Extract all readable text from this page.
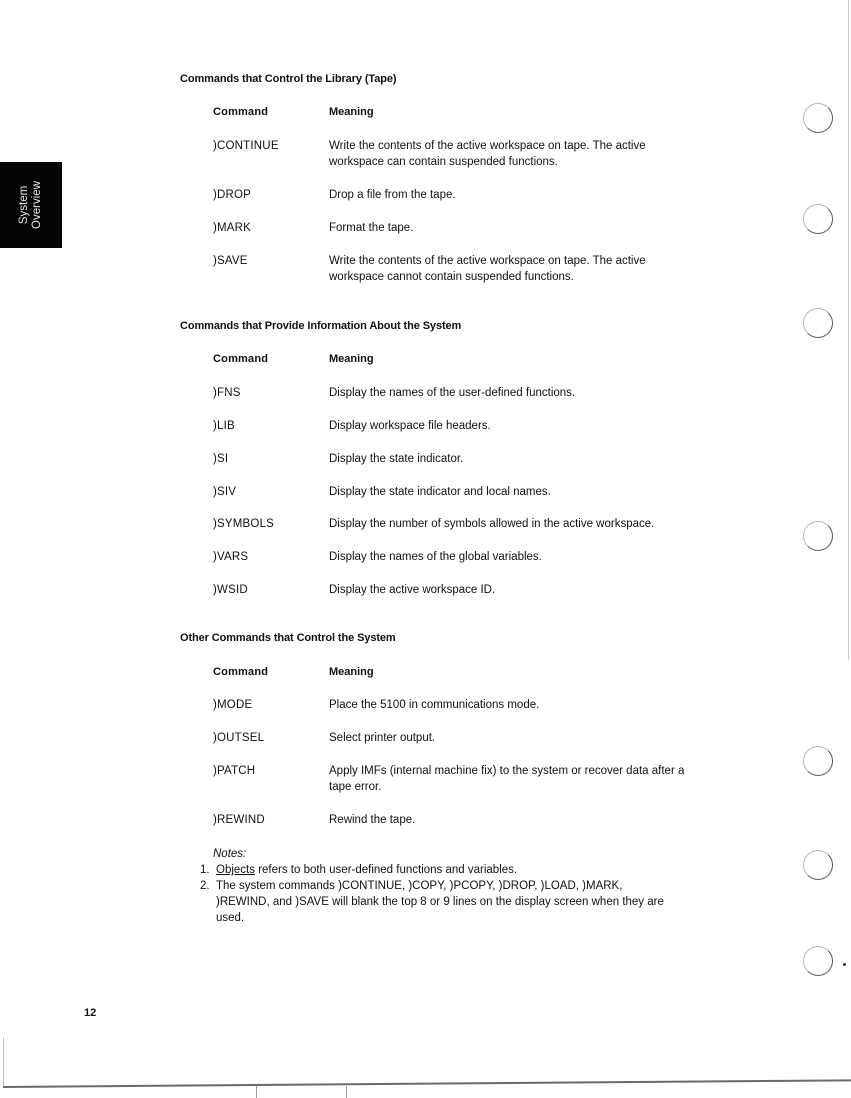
System Overview
Commands that Control the Library (Tape)
Command	Meaning
)CONTINUE	Write the contents of the active workspace on tape. The active workspace can contain suspended functions.
)DROP	Drop a file from the tape.
)MARK	Format the tape.
)SAVE	Write the contents of the active workspace on tape. The active workspace cannot contain suspended functions.
Commands that Provide Information About the System
Command	Meaning
)FNS	Display the names of the user-defined functions.
)LIB	Display workspace file headers.
)SI	Display the state indicator.
)SIV	Display the state indicator and local names.
)SYMBOLS	Display the number of symbols allowed in the active workspace.
)VARS	Display the names of the global variables.
)WSID	Display the active workspace ID.
Other Commands that Control the System
Command	Meaning
)MODE	Place the 5100 in communications mode.
)OUTSEL	Select printer output.
)PATCH	Apply IMFs (internal machine fix) to the system or recover data after a tape error.
)REWIND	Rewind the tape.
Notes:
1. Objects refers to both user-defined functions and variables.
2. The system commands )CONTINUE, )COPY, )PCOPY, )DROP, )LOAD, )MARK, )REWIND, and )SAVE will blank the top 8 or 9 lines on the display screen when they are used.
12
